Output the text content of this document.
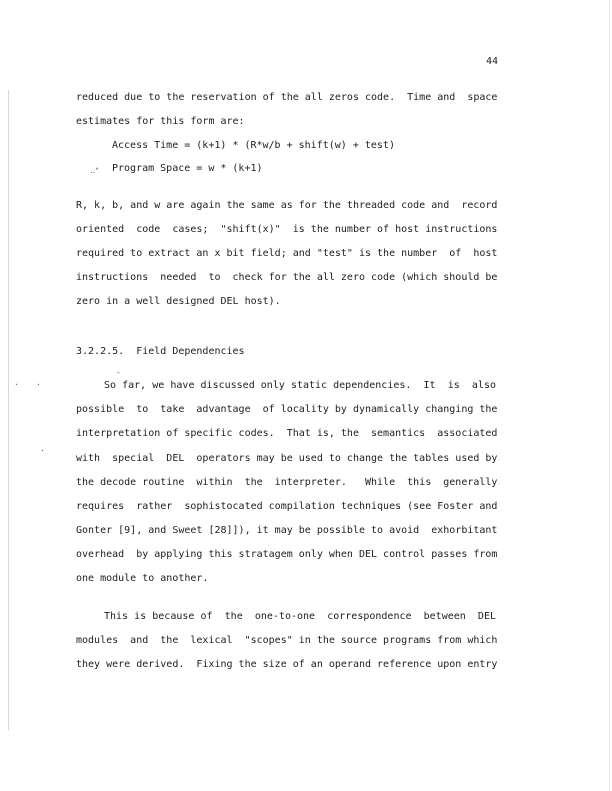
44
reduced due to the reservation of the all zeros code.  Time and  space
estimates for this form are:
Access Time = (k+1) * (R*w/b + shift(w) + test)
‥ᐢ Program Space = w * (k+1)
R, k, b, and w are again the same as for the threaded code and  record
oriented  code  cases;  "shift(x)"  is the number of host instructions
required to extract an x bit field; and "test" is the number  of  host
instructions  needed  to  check for the all zero code (which should be
zero in a well designed DEL host).
3.2.2.5.  Field Dependencies
· ·
-
So far, we have discussed only static dependencies.  It  is  also
possible  to  take  advantage  of locality by dynamically changing the
interpretation of specific codes.  That is, the  semantics  associated
·
with  special  DEL  operators may be used to change the tables used by
the decode routine  within  the  interpreter.   While  this  generally
requires  rather  sophistocated compilation techniques (see Foster and
Gonter [9], and Sweet [28]]), it may be possible to avoid  exhorbitant
overhead  by applying this stratagem only when DEL control passes from
one module to another.
This is because of  the  one-to-one  correspondence  between  DEL
modules  and  the  lexical  "scopes" in the source programs from which
they were derived.  Fixing the size of an operand reference upon entry
